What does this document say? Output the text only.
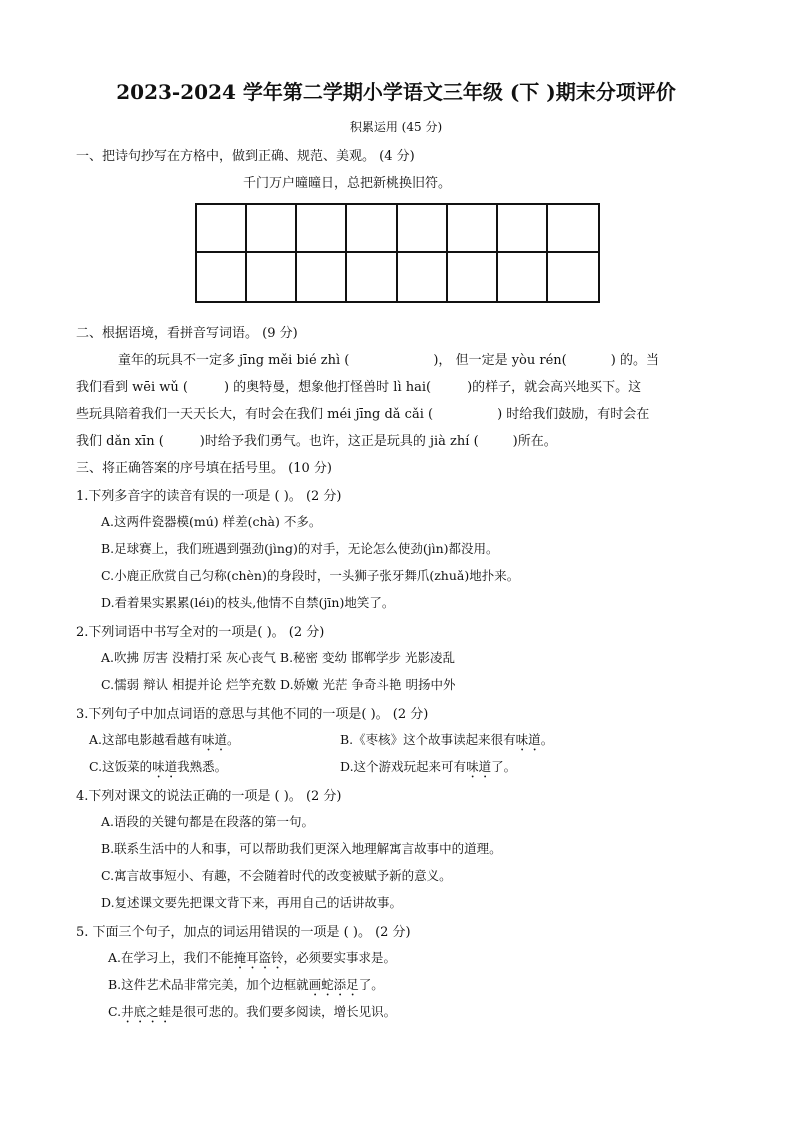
2023-2024 学年第二学期小学语文三年级 (下 )期末分项评价
积累运用 (45 分)
一、把诗句抄写在方格中，做到正确、规范、美观。 (4 分)
千门万户曈曈日，总把新桃换旧符。
二、根据语境，看拼音写词语。 (9 分)
童年的玩具不一定多 jīng měi bié zhì (	)， 但一定是 yòu rén(	) 的。当
我们看到 wēi wǔ (	) 的奥特曼，想象他打怪兽时 lì hai(	)的样子，就会高兴地买下。这
些玩具陪着我们一天天长大，有时会在我们 méi jīng dǎ cǎi (	) 时给我们鼓励，有时会在
我们 dǎn xīn (	)时给予我们勇气。也许，这正是玩具的 jià zhí (	)所在。
三、将正确答案的序号填在括号里。 (10 分)
1.下列多音字的读音有误的一项是 ( )。 (2 分)
A.这两件瓷器模(mú) 样差(chà) 不多。
B.足球赛上，我们班遇到强劲(jìng)的对手，无论怎么使劲(jìn)都没用。
C.小鹿正欣赏自己匀称(chèn)的身段时，一头狮子张牙舞爪(zhuǎ)地扑来。
D.看着果实累累(léi)的枝头,他情不自禁(jīn)地笑了。
2.下列词语中书写全对的一项是( )。 (2 分)
A.吹拂 厉害 没精打采 灰心丧气 B.秘密 变幼 邯郸学步 光影凌乱
C.懦弱 辩认 相提并论 烂竽充数 D.娇嫩 光茫 争奇斗艳 明扬中外
3.下列句子中加点词语的意思与其他不同的一项是( )。 (2 分)
A.这部电影越看越有味道。	B.《枣核》这个故事读起来很有味道。
C.这饭菜的味道我熟悉。	D.这个游戏玩起来可有味道了。
4.下列对课文的说法正确的一项是 ( )。 (2 分)
A.语段的关键句都是在段落的第一句。
B.联系生活中的人和事，可以帮助我们更深入地理解寓言故事中的道理。
C.寓言故事短小、有趣，不会随着时代的改变被赋予新的意义。
D.复述课文要先把课文背下来，再用自己的话讲故事。
5. 下面三个句子，加点的词运用错误的一项是 ( )。 (2 分)
A.在学习上，我们不能掩耳盗铃，必须要实事求是。
B.这件艺术品非常完美，加个边框就画蛇添足了。
C.井底之蛙是很可悲的。我们要多阅读，增长见识。
